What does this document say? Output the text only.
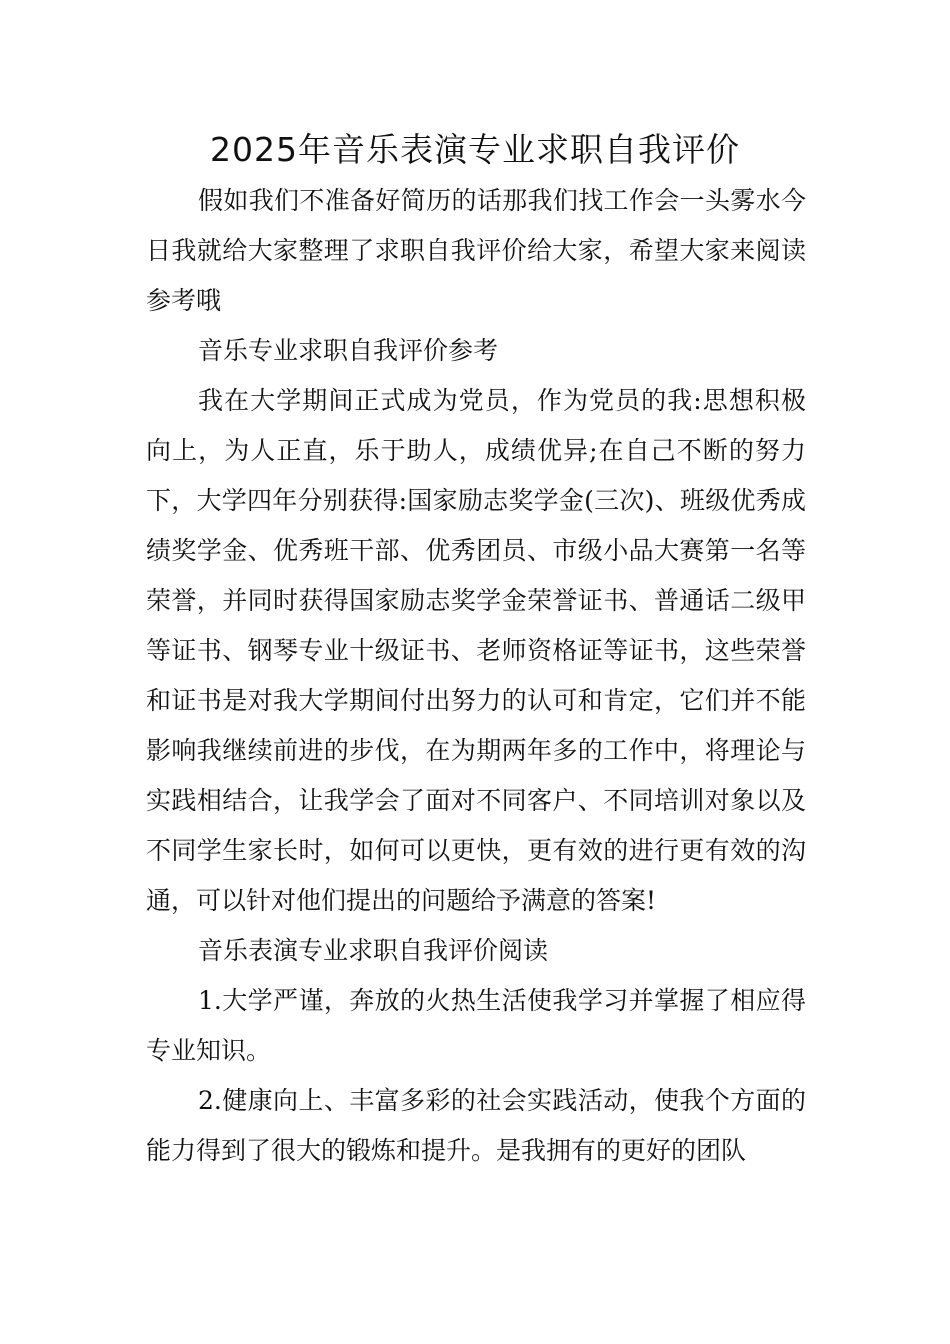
2025年音乐表演专业求职自我评价

假如我们不准备好简历的话那我们找工作会一头雾水今日我就给大家整理了求职自我评价给大家，希望大家来阅读参考哦

音乐专业求职自我评价参考

我在大学期间正式成为党员，作为党员的我:思想积极向上，为人正直，乐于助人，成绩优异;在自己不断的努力下，大学四年分别获得:国家励志奖学金(三次)、班级优秀成绩奖学金、优秀班干部、优秀团员、市级小品大赛第一名等荣誉，并同时获得国家励志奖学金荣誉证书、普通话二级甲等证书、钢琴专业十级证书、老师资格证等证书，这些荣誉和证书是对我大学期间付出努力的认可和肯定，它们并不能影响我继续前进的步伐，在为期两年多的工作中，将理论与实践相结合，让我学会了面对不同客户、不同培训对象以及不同学生家长时，如何可以更快，更有效的进行更有效的沟通，可以针对他们提出的问题给予满意的答案!

音乐表演专业求职自我评价阅读

1.大学严谨，奔放的火热生活使我学习并掌握了相应得专业知识。

2.健康向上、丰富多彩的社会实践活动，使我个方面的能力得到了很大的锻炼和提升。是我拥有的更好的团队
